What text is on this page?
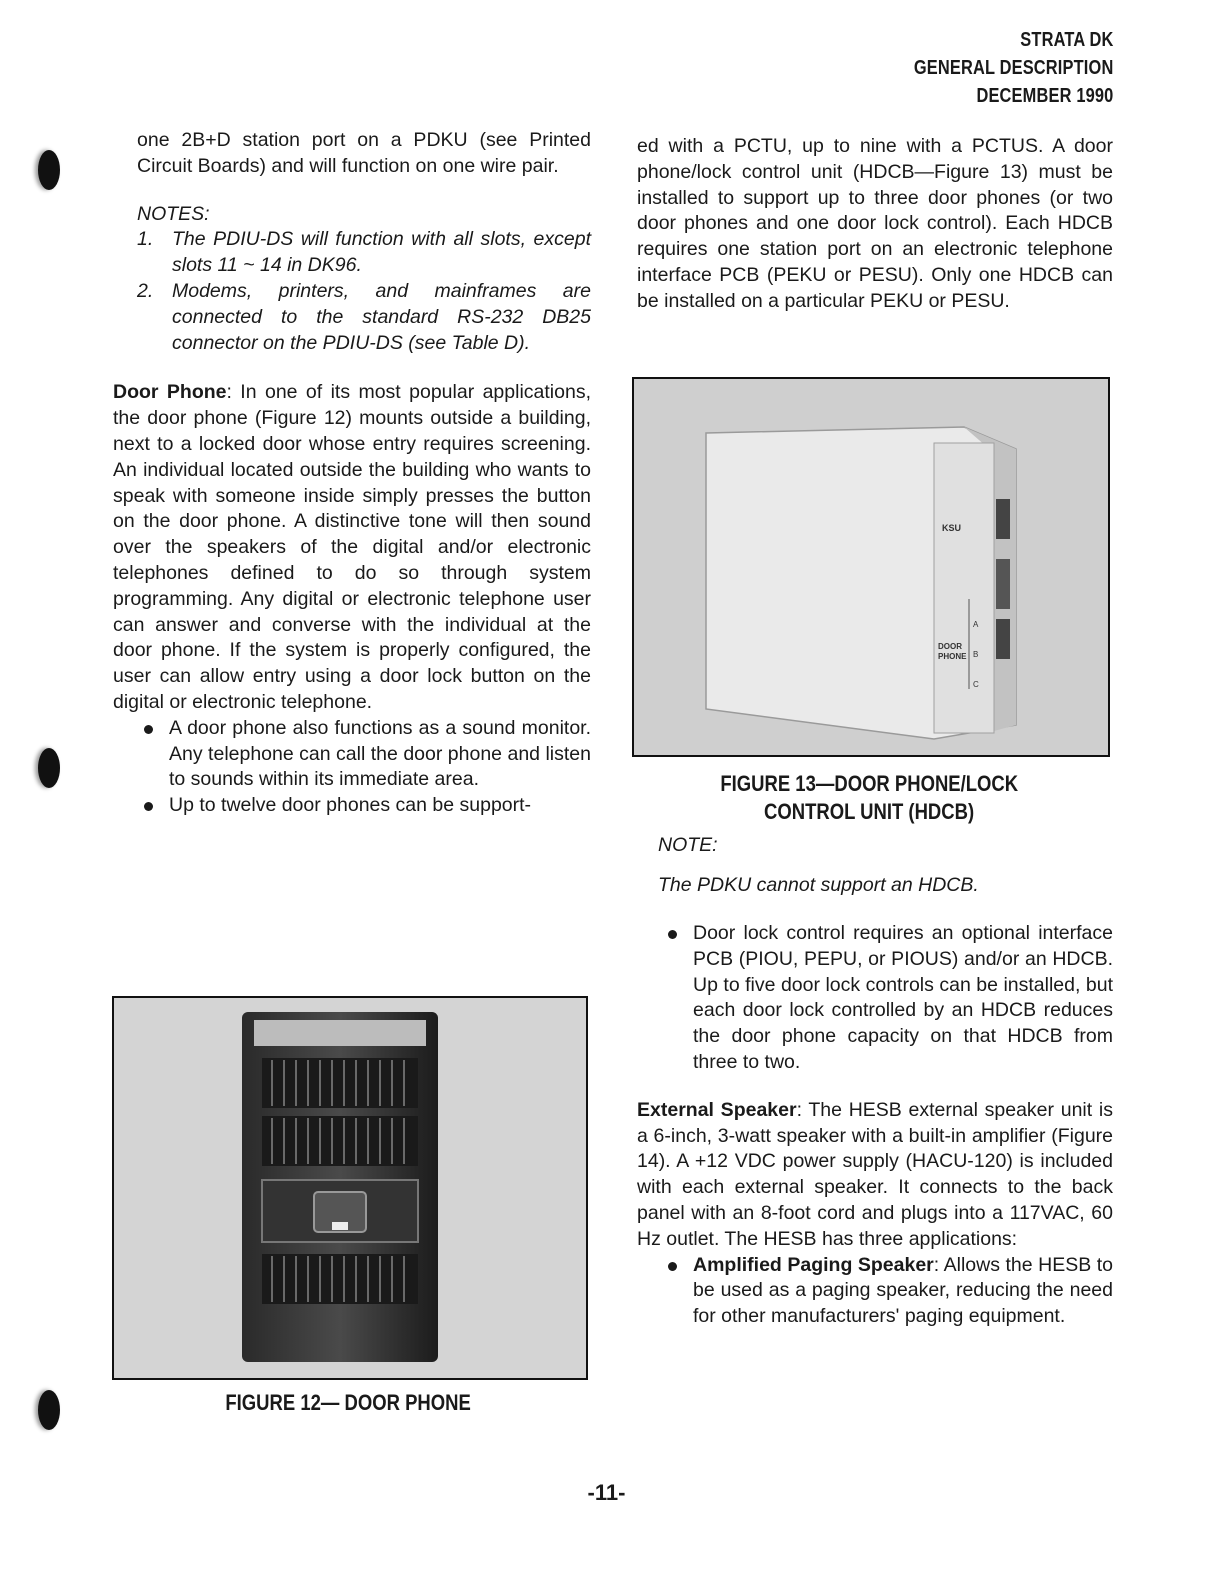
STRATA DK
GENERAL DESCRIPTION
DECEMBER 1990

one 2B+D station port on a PDKU (see Printed Circuit Boards) and will function on one wire pair.

NOTES:
1. The PDIU-DS will function with all slots, except slots 11 ~ 14 in DK96.
2. Modems, printers, and mainframes are connected to the standard RS-232 DB25 connector on the PDIU-DS (see Table D).

Door Phone: In one of its most popular applications, the door phone (Figure 12) mounts outside a building, next to a locked door whose entry requires screening. An individual located outside the building who wants to speak with someone inside simply presses the button on the door phone. A distinctive tone will then sound over the speakers of the digital and/or electronic telephones defined to do so through system programming. Any digital or electronic telephone user can answer and converse with the individual at the door phone. If the system is properly configured, the user can allow entry using a door lock button on the digital or electronic telephone.

A door phone also functions as a sound monitor. Any telephone can call the door phone and listen to sounds within its immediate area.
Up to twelve door phones can be support-
FIGURE 12— DOOR PHONE

ed with a PCTU, up to nine with a PCTUS. A door phone/lock control unit (HDCB—Figure 13) must be installed to support up to three door phones (or two door phones and one door lock control). Each HDCB requires one station port on an electronic telephone interface PCB (PEKU or PESU). Only one HDCB can be installed on a particular PEKU or PESU.

KSU
DOOR
PHONE
A
B
C
FIGURE 13—DOOR PHONE/LOCK
CONTROL UNIT (HDCB)

NOTE:

The PDKU cannot support an HDCB.

Door lock control requires an optional interface PCB (PIOU, PEPU, or PIOUS) and/or an HDCB. Up to five door lock controls can be installed, but each door lock controlled by an HDCB reduces the door phone capacity on that HDCB from three to two.

External Speaker: The HESB external speaker unit is a 6-inch, 3-watt speaker with a built-in amplifier (Figure 14). A +12 VDC power supply (HACU-120) is included with each external speaker. It connects to the back panel with an 8-foot cord and plugs into a 117VAC, 60 Hz outlet. The HESB has three applications:

Amplified Paging Speaker: Allows the HESB to be used as a paging speaker, reducing the need for other manufacturers' paging equipment.
-11-
